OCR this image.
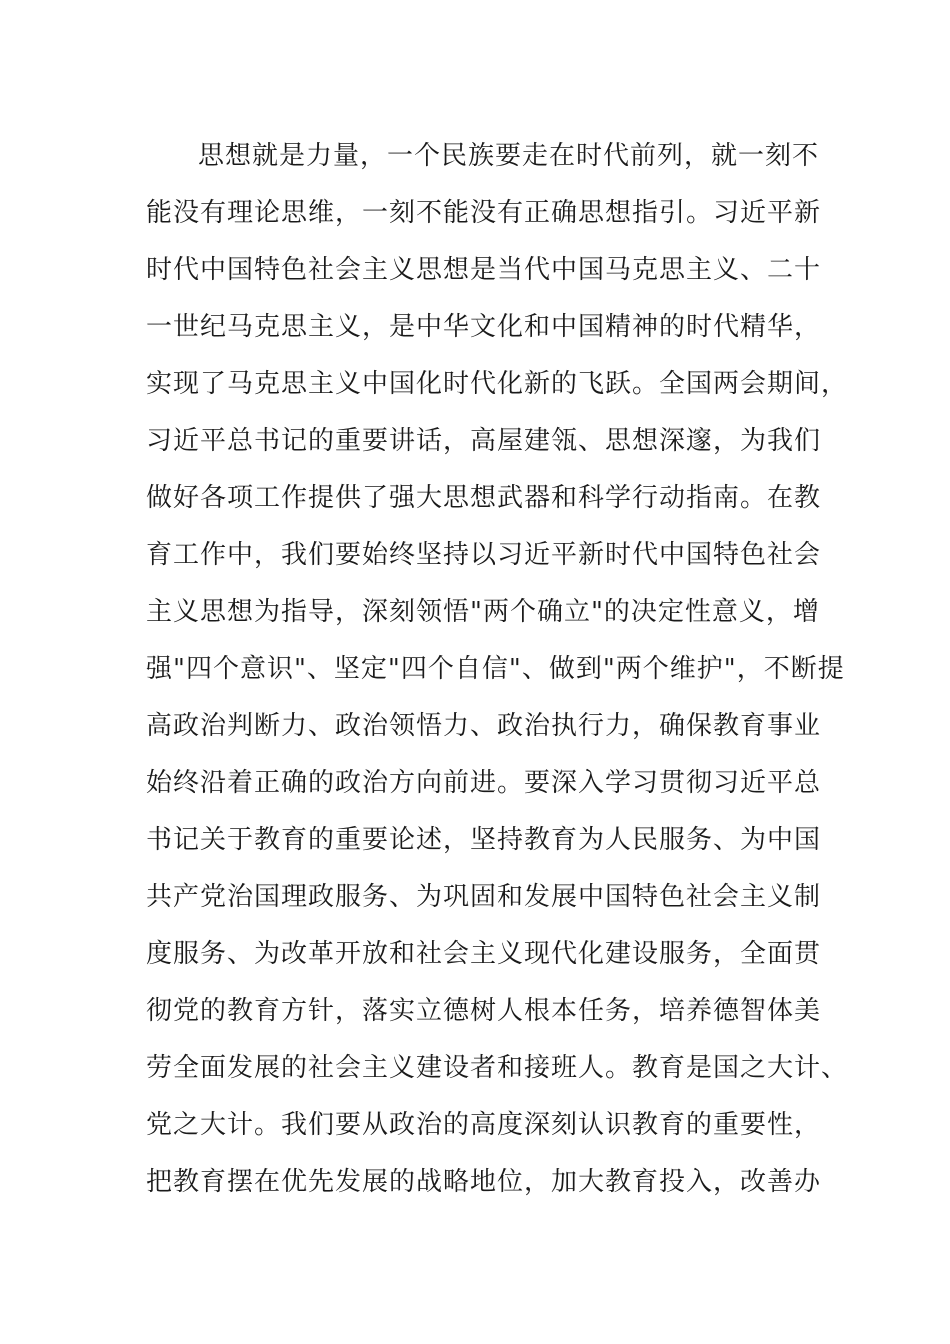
思想就是力量，一个民族要走在时代前列，就一刻不
能没有理论思维，一刻不能没有正确思想指引。习近平新
时代中国特色社会主义思想是当代中国马克思主义、二十
一世纪马克思主义，是中华文化和中国精神的时代精华，
实现了马克思主义中国化时代化新的飞跃。全国两会期间，
习近平总书记的重要讲话，高屋建瓴、思想深邃，为我们
做好各项工作提供了强大思想武器和科学行动指南。在教
育工作中，我们要始终坚持以习近平新时代中国特色社会
主义思想为指导，深刻领悟"两个确立"的决定性意义，增
强"四个意识"、坚定"四个自信"、做到"两个维护"，不断提
高政治判断力、政治领悟力、政治执行力，确保教育事业
始终沿着正确的政治方向前进。要深入学习贯彻习近平总
书记关于教育的重要论述，坚持教育为人民服务、为中国
共产党治国理政服务、为巩固和发展中国特色社会主义制
度服务、为改革开放和社会主义现代化建设服务，全面贯
彻党的教育方针，落实立德树人根本任务，培养德智体美
劳全面发展的社会主义建设者和接班人。教育是国之大计、
党之大计。我们要从政治的高度深刻认识教育的重要性，
把教育摆在优先发展的战略地位，加大教育投入，改善办
